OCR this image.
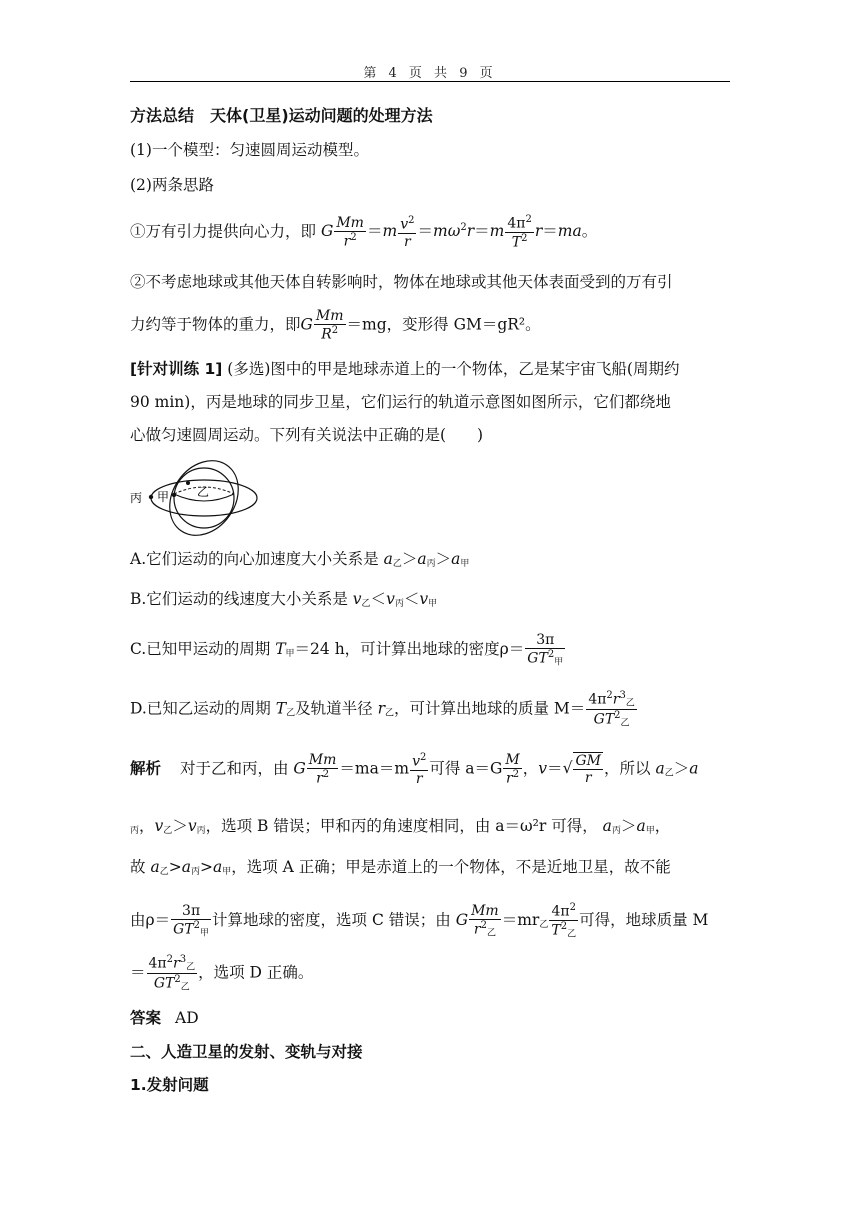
第 4 页 共 9 页
方法总结　天体(卫星)运动问题的处理方法
(1)一个模型：匀速圆周运动模型。
(2)两条思路
①万有引力提供向心力，即 G $\frac{Mm}{r^2} =m \frac{v^2}{r} =m\omega^2r=m \frac{4\pi^2}{T^2} r=ma$。
②不考虑地球或其他天体自转影响时，物体在地球或其他天体表面受到的万有引
力约等于物体的重力，即G $\frac{Mm}{R^2} =mg$，变形得 GM＝gR²。
[针对训练 1] (多选)图中的甲是地球赤道上的一个物体，乙是某宇宙飞船(周期约
90 min)，丙是地球的同步卫星，它们运行的轨道示意图如图所示，它们都绕地
心做匀速圆周运动。下列有关说法中正确的是(　　)
丙 甲 乙
A.它们运动的向心加速度大小关系是 $a_乙>a_丙>a_甲$
B.它们运动的线速度大小关系是 $v_乙<v_丙<v_甲$
C.已知甲运动的周期 $T_甲=24$ h，可计算出地球的密度$\rho= \frac{3\pi}{GT^2_甲}$
D.已知乙运动的周期 $T_乙$及轨道半径 $r_乙$，可计算出地球的质量 $M= \frac{4\pi^2r^3_乙}{GT^2_乙}$
解析 对于乙和丙，由 G $\frac{Mm}{r^2} =ma=m \frac{v^2}{r}$ 可得 $a=G \frac{M}{r^2}$ ，$v=√ \frac{GM}{r}$ ，所以 $a_乙>a$
$_丙$，$v_乙>v_丙$，选项 B 错误；甲和丙的角速度相同，由 a＝ω²r 可得， $a_丙>a_甲$，
故 $a_乙>a_丙>a_甲$，选项 A 正确；甲是赤道上的一个物体，不是近地卫星，故不能
由$\rho= \frac{3\pi}{GT^2_甲}$ 计算地球的密度，选项 C 错误；由 G $\frac{Mm}{r^2_乙} =mr_乙 \frac{4\pi^2}{T^2_乙}$ 可得，地球质量 M
＝ $\frac{4\pi^2r^3_乙}{GT^2_乙}$ ，选项 D 正确。
答案 AD
二、人造卫星的发射、变轨与对接
1.发射问题
